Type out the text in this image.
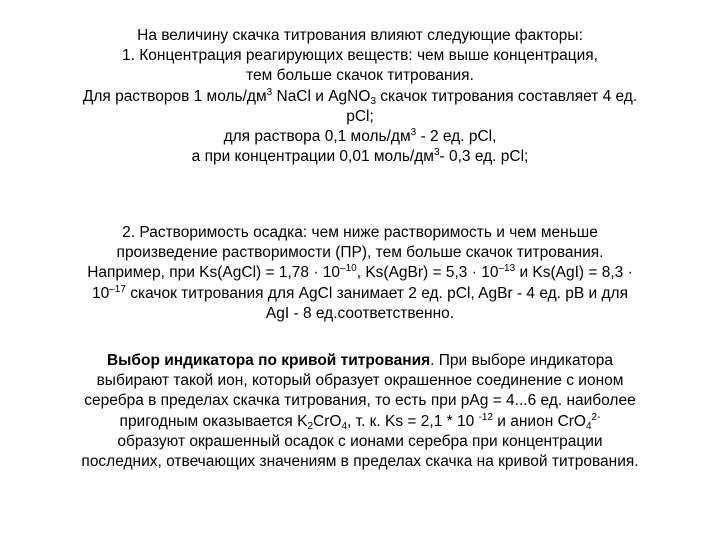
На величину скачка титрования влияют следующие факторы:
1. Концентрация реагирующих веществ: чем выше концентрация,
тем больше скачок титрования.
Для растворов 1 моль/$дм^3$ NaCl и AgNO$_3$ скачок титрования составляет 4 ед.
pCl;
для раствора 0,1 моль/$дм^3 - 2$ ед. pCl,
а при концентрации 0,01 моль/$дм^3-$ 0,3 ед. pCl;
2. Растворимость осадка: чем ниже растворимость и чем меньше
произведение растворимости (ПР), тем больше скачок титрования.
Например, при Ks(AgCl) = $1,78 \cdot 10^{-10}$, Ks(AgBr) = $5,3 \cdot 10^{-13}$ и Ks(AgI) = 8,3 ·
$10^{-17}$ скачок титрования для AgCl занимает 2 ед. pCl, AgBr - 4 ед. pB и для
AgI - 8 ед.соответственно.
Выбор индикатора по кривой титрования. При выборе индикатора
выбирают такой ион, который образует окрашенное соединение с ионом
серебра в пределах скачка титрования, то есть при pAg = 4...6 ед. наиболее
пригодным оказывается $K_2CrO_4$, т. к. Ks = 2,1 * 10 $^{-12}$ и анион CrO$_4^{2-}$
образуют окрашенный осадок с ионами серебра при концентрации
последних, отвечающих значениям в пределах скачка на кривой титрования.
